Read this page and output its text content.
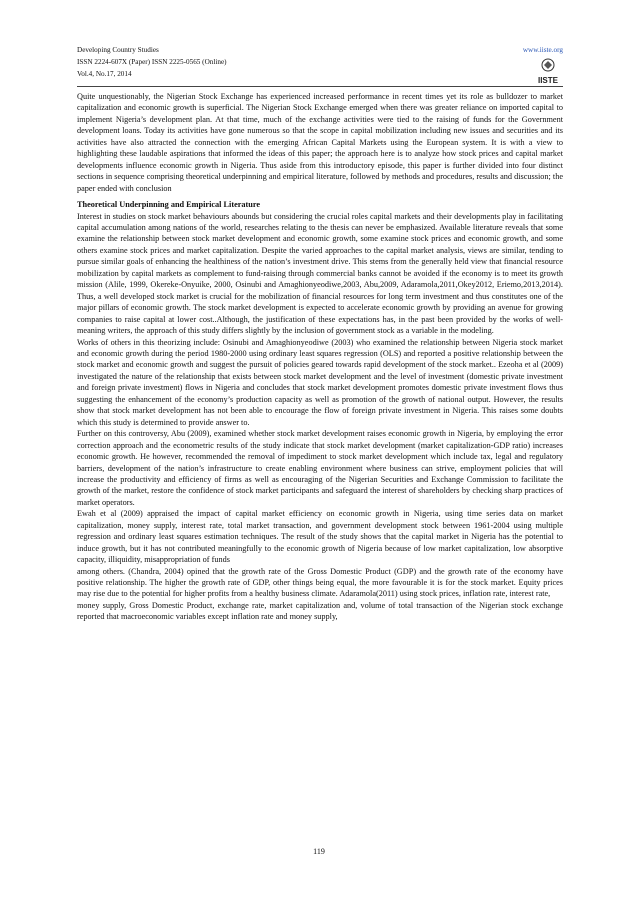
Developing Country Studies
ISSN 2224-607X (Paper) ISSN 2225-0565 (Online)
Vol.4, No.17, 2014
www.iiste.org
IISTE

Quite unquestionably, the Nigerian Stock Exchange has experienced increased performance in recent times yet its role as bulldozer to market capitalization and economic growth is superficial. The Nigerian Stock Exchange emerged when there was greater reliance on imported capital to implement Nigeria’s development plan. At that time, much of the exchange activities were tied to the raising of funds for the Government development loans. Today its activities have gone numerous so that the scope in capital mobilization including new issues and securities and its activities have also attracted the connection with the emerging African Capital Markets using the European system. It is with a view to highlighting these laudable aspirations that informed the ideas of this paper; the approach here is to analyze how stock prices and capital market developments influence economic growth in Nigeria. Thus aside from this introductory episode, this paper is further divided into four distinct sections in sequence comprising theoretical underpinning and empirical literature, followed by methods and procedures, results and discussion; the paper ended with conclusion

Theoretical Underpinning and Empirical Literature

Interest in studies on stock market behaviours abounds but considering the crucial roles capital markets and their developments play in facilitating capital accumulation among nations of the world, researches relating to the thesis can never be emphasized. Available literature reveals that some examine the relationship between stock market development and economic growth, some examine stock prices and economic growth, and some others examine stock prices and market capitalization. Despite the varied approaches to the capital market analysis, views are similar, tending to pursue similar goals of enhancing the healthiness of the nation’s investment drive. This stems from the generally held view that financial resource mobilization by capital markets as complement to fund-raising through commercial banks cannot be avoided if the economy is to meet its growth mission (Alile, 1999, Okereke-Onyuike, 2000, Osinubi and Amaghionyeodiwe,2003, Abu,2009, Adaramola,2011,Okey2012, Eriemo,2013,2014). Thus, a well developed stock market is crucial for the mobilization of financial resources for long term investment and thus constitutes one of the major pillars of economic growth. The stock market development is expected to accelerate economic growth by providing an avenue for growing companies to raise capital at lower cost..Although, the justification of these expectations has, in the past been provided by the works of well-meaning writers, the approach of this study differs slightly by the inclusion of government stock as a variable in the modeling.

Works of others in this theorizing include: Osinubi and Amaghionyeodiwe (2003) who examined the relationship between Nigeria stock market and economic growth during the period 1980-2000 using ordinary least squares regression (OLS) and reported a positive relationship between the stock market and economic growth and suggest the pursuit of policies geared towards rapid development of the stock market.. Ezeoha et al (2009) investigated the nature of the relationship that exists between stock market development and the level of investment (domestic private investment and foreign private investment) flows in Nigeria and concludes that stock market development promotes domestic private investment flows thus suggesting the enhancement of the economy’s production capacity as well as promotion of the growth of national output. However, the results show that stock market development has not been able to encourage the flow of foreign private investment in Nigeria. This raises some doubts which this study is determined to provide answer to.

Further on this controversy, Abu (2009), examined whether stock market development raises economic growth in Nigeria, by employing the error correction approach and the econometric results of the study indicate that stock market development (market capitalization-GDP ratio) increases economic growth. He however, recommended the removal of impediment to stock market development which include tax, legal and regulatory barriers, development of the nation’s infrastructure to create enabling environment where business can strive, employment policies that will increase the productivity and efficiency of firms as well as encouraging of the Nigerian Securities and Exchange Commission to facilitate the growth of the market, restore the confidence of stock market participants and safeguard the interest of shareholders by checking sharp practices of market operators.

Ewah et al (2009) appraised the impact of capital market efficiency on economic growth in Nigeria, using time series data on market capitalization, money supply, interest rate, total market transaction, and government development stock between 1961-2004 using multiple regression and ordinary least squares estimation techniques. The result of the study shows that the capital market in Nigeria has the potential to induce growth, but it has not contributed meaningfully to the economic growth of Nigeria because of low market capitalization, low absorptive capacity, illiquidity, misappropriation of funds

among others. (Chandra, 2004) opined that the growth rate of the Gross Domestic Product (GDP) and the growth rate of the economy have positive relationship. The higher the growth rate of GDP, other things being equal, the more favourable it is for the stock market. Equity prices may rise due to the potential for higher profits from a healthy business climate. Adaramola(2011) using stock prices, inflation rate, interest rate,

money supply, Gross Domestic Product, exchange rate, market capitalization and, volume of total transaction of the Nigerian stock exchange reported that macroeconomic variables except inflation rate and money supply,

119
